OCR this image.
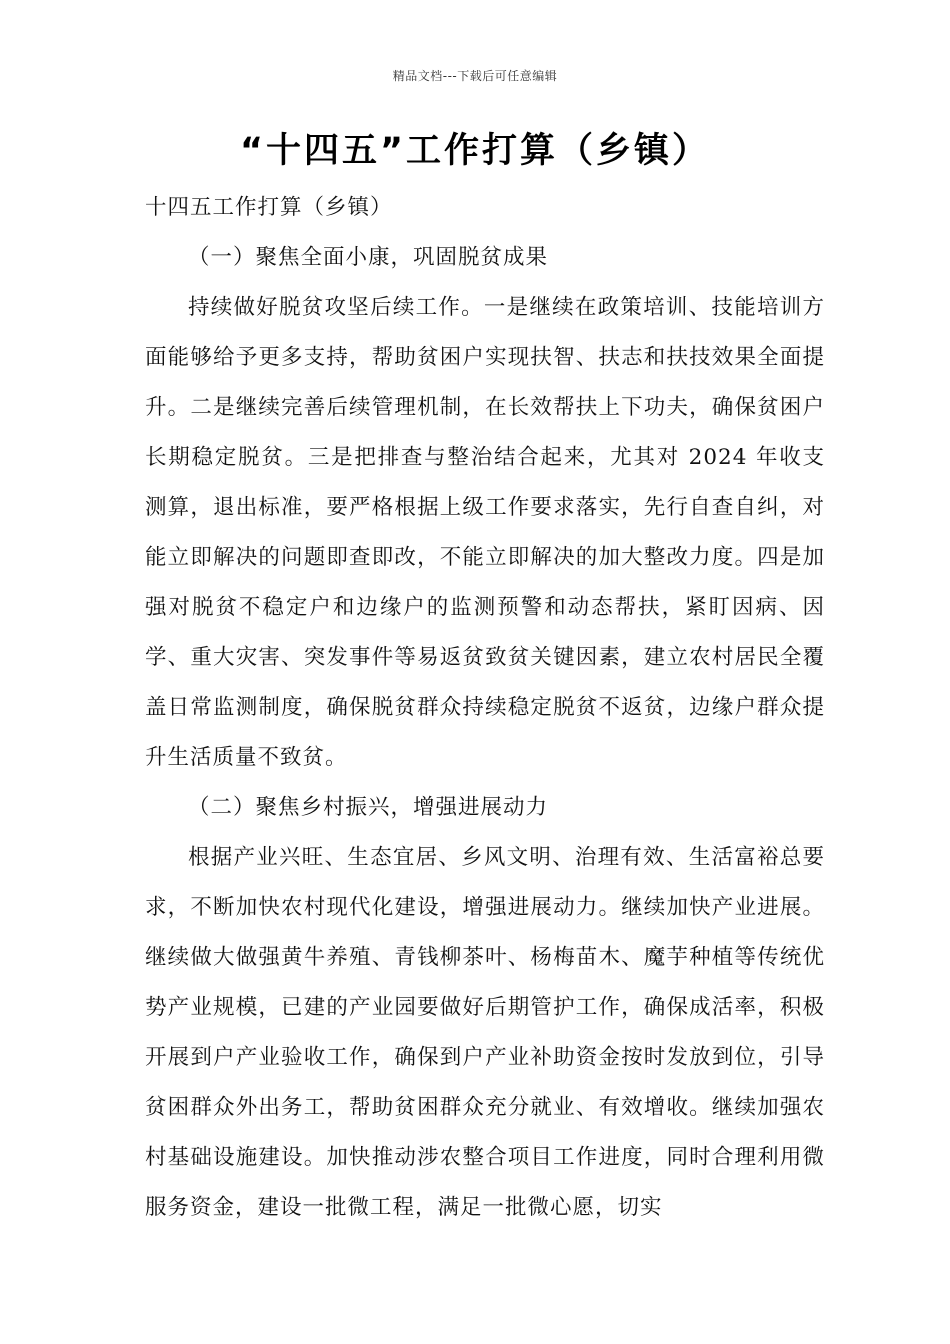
精品文档---下载后可任意编辑
“十四五”工作打算（乡镇）

十四五工作打算（乡镇）

（一）聚焦全面小康，巩固脱贫成果

持续做好脱贫攻坚后续工作。一是继续在政策培训、技能培训方面能够给予更多支持，帮助贫困户实现扶智、扶志和扶技效果全面提升。二是继续完善后续管理机制，在长效帮扶上下功夫，确保贫困户长期稳定脱贫。三是把排查与整治结合起来，尤其对 2024 年收支测算，退出标准，要严格根据上级工作要求落实，先行自查自纠，对能立即解决的问题即查即改，不能立即解决的加大整改力度。四是加强对脱贫不稳定户和边缘户的监测预警和动态帮扶，紧盯因病、因学、重大灾害、突发事件等易返贫致贫关键因素，建立农村居民全覆盖日常监测制度，确保脱贫群众持续稳定脱贫不返贫，边缘户群众提升生活质量不致贫。

（二）聚焦乡村振兴，增强进展动力

根据产业兴旺、生态宜居、乡风文明、治理有效、生活富裕总要求，不断加快农村现代化建设，增强进展动力。继续加快产业进展。继续做大做强黄牛养殖、青钱柳茶叶、杨梅苗木、魔芋种植等传统优势产业规模，已建的产业园要做好后期管护工作，确保成活率，积极开展到户产业验收工作，确保到户产业补助资金按时发放到位，引导贫困群众外出务工，帮助贫困群众充分就业、有效增收。继续加强农村基础设施建设。加快推动涉农整合项目工作进度，同时合理利用微服务资金，建设一批微工程，满足一批微心愿，切实
